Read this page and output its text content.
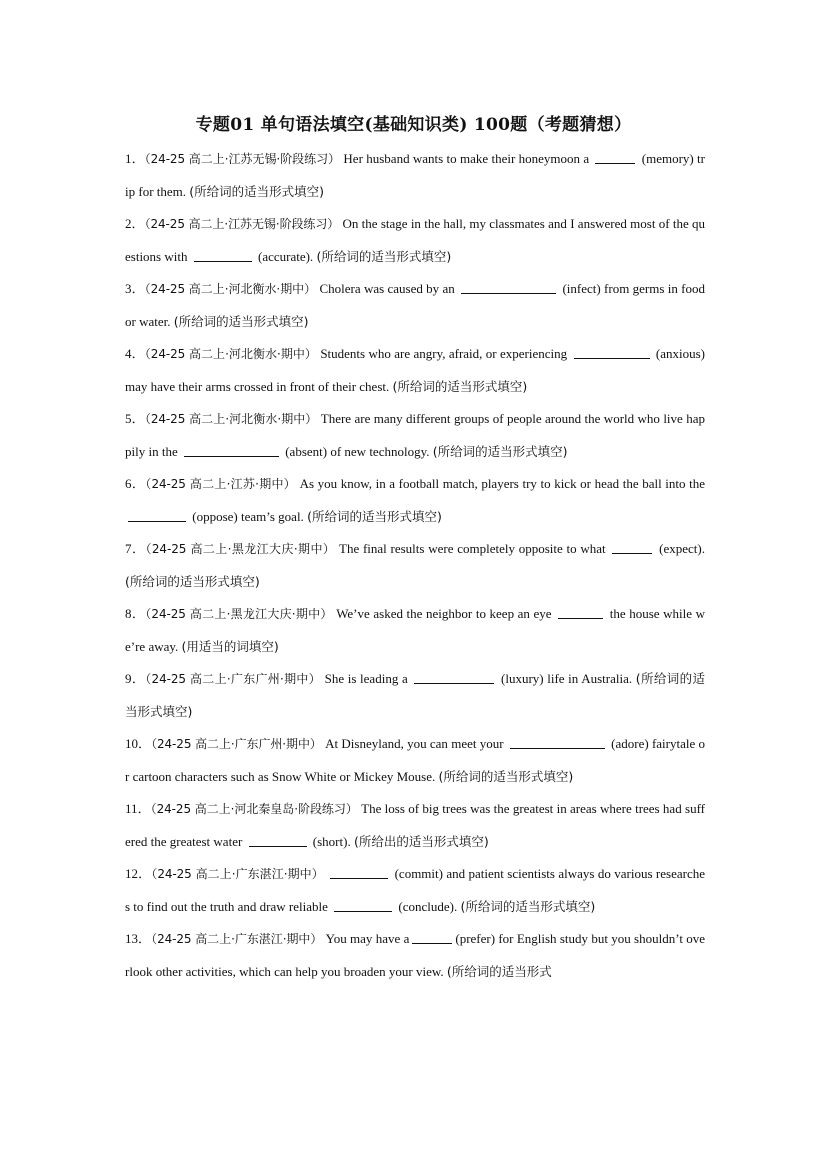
专题01 单句语法填空(基础知识类) 100题（考题猜想）
1．（24-25 高二上·江苏无锡·阶段练习） Her husband wants to make their honeymoon a	(memory) trip for them. (所给词的适当形式填空)
2．（24-25 高二上·江苏无锡·阶段练习） On the stage in the hall, my classmates and I answered most of the questions with	(accurate). (所给词的适当形式填空)
3．（24-25 高二上·河北衡水·期中） Cholera was caused by an	(infect) from germs in food or water. (所给词的适当形式填空)
4．（24-25 高二上·河北衡水·期中） Students who are angry, afraid, or experiencing	(anxious) may have their arms crossed in front of their chest. (所给词的适当形式填空)
5．（24-25 高二上·河北衡水·期中） There are many different groups of people around the world who live happily in the	(absent) of new technology. (所给词的适当形式填空)
6．（24-25 高二上·江苏·期中） As you know, in a football match, players try to kick or head the ball into the  (oppose) team’s goal. (所给词的适当形式填空)
7．（24-25 高二上·黑龙江大庆·期中） The final results were completely opposite to what	(expect). (所给词的适当形式填空)
8．（24-25 高二上·黑龙江大庆·期中） We’ve asked the neighbor to keep an eye	the house while we’re away. (用适当的词填空)
9．（24-25 高二上·广东广州·期中） She is leading a	(luxury) life in Australia. (所给词的适当形式填空)
10．（24-25 高二上·广东广州·期中） At Disneyland, you can meet your	(adore) fairytale or cartoon characters such as Snow White or Mickey Mouse. (所给词的适当形式填空)
11．（24-25 高二上·河北秦皇岛·阶段练习） The loss of big trees was the greatest in areas where trees had suffered the greatest water	(short). (所给出的适当形式填空)
12．（24-25 高二上·广东湛江·期中）	(commit) and patient scientists always do various researches to find out the truth and draw reliable	(conclude). (所给词的适当形式填空)
13．（24-25 高二上·广东湛江·期中） You may have a	(prefer) for English study but you shouldn’t overlook other activities, which can help you broaden your view. (所给词的适当形式
